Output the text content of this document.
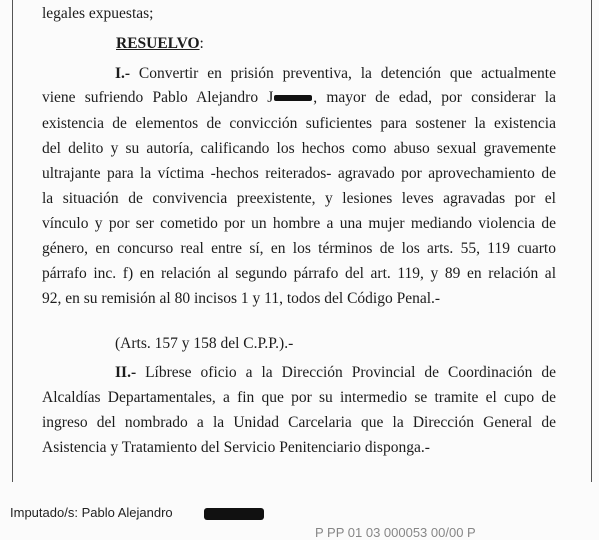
legales expuestas;
RESUELVO:
I.- Convertir en prisión preventiva, la detención que actualmente
viene sufriendo Pablo Alejandro J	, mayor de edad, por considerar la
existencia de elementos de convicción suficientes para sostener la existencia
del delito y su autoría, calificando los hechos como abuso sexual gravemente
ultrajante para la víctima -hechos reiterados- agravado por aprovechamiento de
la situación de convivencia preexistente, y lesiones leves agravadas por el
vínculo y por ser cometido por un hombre a una mujer mediando violencia de
género, en concurso real entre sí, en los términos de los arts. 55, 119 cuarto
párrafo inc. f) en relación al segundo párrafo del art. 119, y 89 en relación al
92, en su remisión al 80 incisos 1 y 11, todos del Código Penal.-
(Arts. 157 y 158 del C.P.P.).-
II.- Líbrese oficio a la Dirección Provincial de Coordinación de
Alcaldías Departamentales, a fin que por su intermedio se tramite el cupo de
ingreso del nombrado a la Unidad Carcelaria que la Dirección General de
Asistencia y Tratamiento del Servicio Penitenciario disponga.-
Imputado/s: Pablo Alejandro
P PP 01 03 000053 00/00 P
